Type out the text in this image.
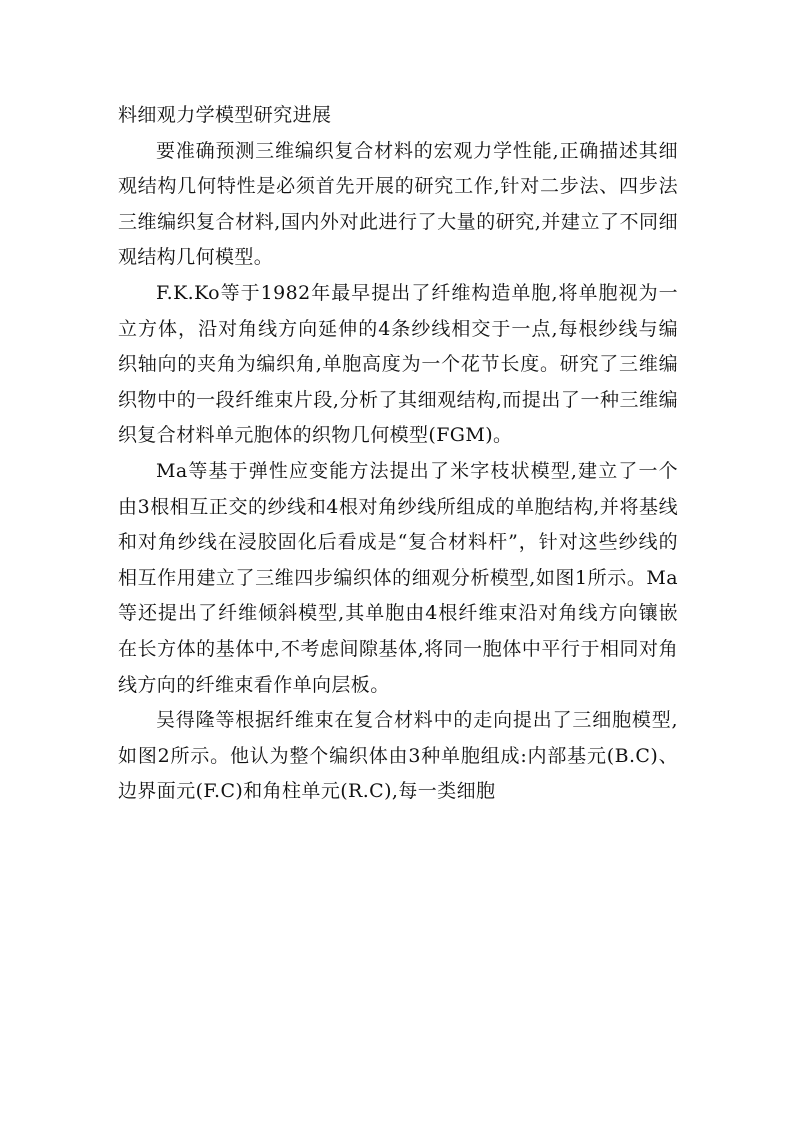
料细观力学模型研究进展

要准确预测三维编织复合材料的宏观力学性能,正确描述其细观结构几何特性是必须首先开展的研究工作,针对二步法、四步法三维编织复合材料,国内外对此进行了大量的研究,并建立了不同细观结构几何模型。

F.K.Ko等于1982年最早提出了纤维构造单胞,将单胞视为一立方体，沿对角线方向延伸的4条纱线相交于一点,每根纱线与编织轴向的夹角为编织角,单胞高度为一个花节长度。研究了三维编织物中的一段纤维束片段,分析了其细观结构,而提出了一种三维编织复合材料单元胞体的织物几何模型(FGM)。

Ma等基于弹性应变能方法提出了米字枝状模型,建立了一个由3根相互正交的纱线和4根对角纱线所组成的单胞结构,并将基线和对角纱线在浸胶固化后看成是“复合材料杆”，针对这些纱线的相互作用建立了三维四步编织体的细观分析模型,如图1所示。Ma等还提出了纤维倾斜模型,其单胞由4根纤维束沿对角线方向镶嵌在长方体的基体中,不考虑间隙基体,将同一胞体中平行于相同对角线方向的纤维束看作单向层板。

吴得隆等根据纤维束在复合材料中的走向提出了三细胞模型,如图2所示。他认为整个编织体由3种单胞组成:内部基元(B.C)、边界面元(F.C)和角柱单元(R.C),每一类细胞
